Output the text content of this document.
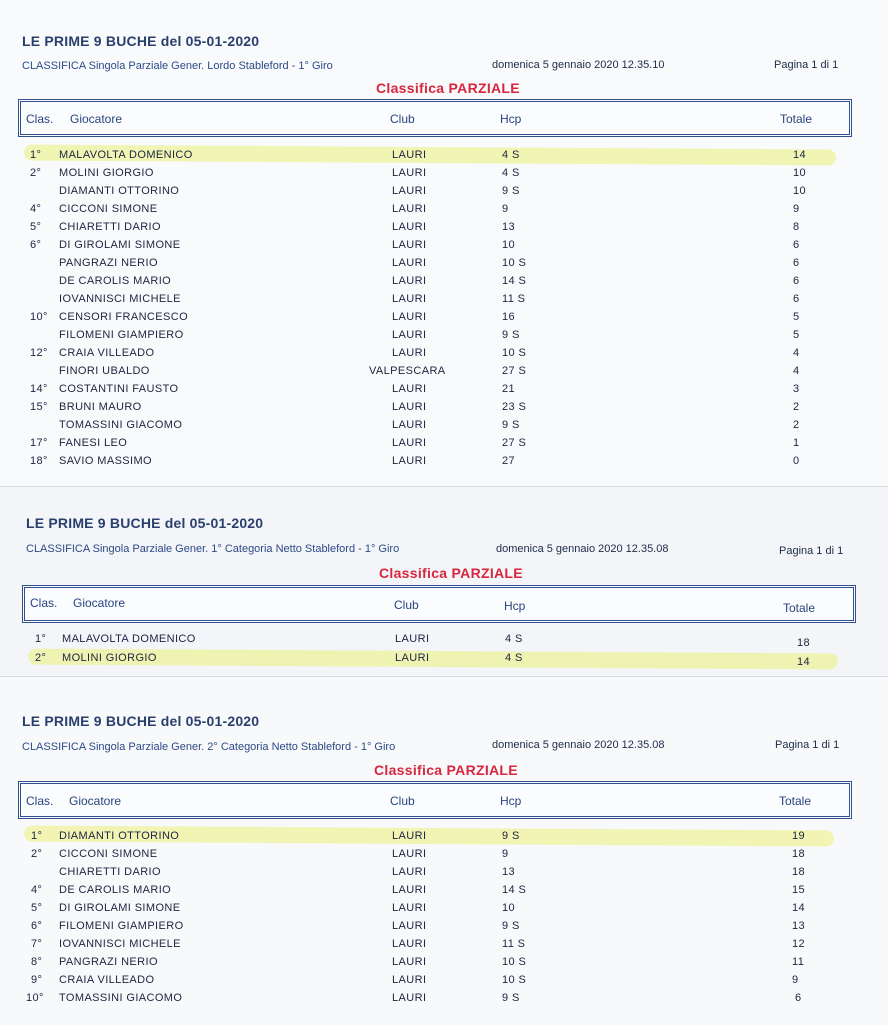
LE PRIME 9 BUCHE del 05-01-2020
CLASSIFICA Singola Parziale Gener. Lordo Stableford - 1° Giro	domenica 5 gennaio 2020 12.35.10	Pagina 1 di 1
Classifica PARZIALE
Clas. Giocatore	Club	Hcp	Totale
1° MALAVOLTA DOMENICO	LAURI	4 S	14
2° MOLINI GIORGIO	LAURI	4 S	10
DIAMANTI OTTORINO	LAURI	9 S	10
4° CICCONI SIMONE	LAURI	9	9
5° CHIARETTI DARIO	LAURI	13	8
6° DI GIROLAMI SIMONE	LAURI	10	6
PANGRAZI NERIO	LAURI	10 S	6
DE CAROLIS MARIO	LAURI	14 S	6
IOVANNISCI MICHELE	LAURI	11 S	6
10° CENSORI FRANCESCO	LAURI	16	5
FILOMENI GIAMPIERO	LAURI	9 S	5
12° CRAIA VILLEADO	LAURI	10 S	4
FINORI UBALDO	VALPESCARA	27 S	4
14° COSTANTINI FAUSTO	LAURI	21	3
15° BRUNI MAURO	LAURI	23 S	2
TOMASSINI GIACOMO	LAURI	9 S	2
17° FANESI LEO	LAURI	27 S	1
18° SAVIO MASSIMO	LAURI	27	0
LE PRIME 9 BUCHE del 05-01-2020
CLASSIFICA Singola Parziale Gener. 1° Categoria Netto Stableford - 1° Giro	domenica 5 gennaio 2020 12.35.08	Pagina 1 di 1
Classifica PARZIALE
Clas. Giocatore	Club	Hcp	Totale
1° MALAVOLTA DOMENICO	LAURI	4 S	18
2° MOLINI GIORGIO	LAURI	4 S	14
LE PRIME 9 BUCHE del 05-01-2020
CLASSIFICA Singola Parziale Gener. 2° Categoria Netto Stableford - 1° Giro	domenica 5 gennaio 2020 12.35.08	Pagina 1 di 1
Classifica PARZIALE
Clas. Giocatore	Club	Hcp	Totale
1° DIAMANTI OTTORINO	LAURI	9 S	19
2° CICCONI SIMONE	LAURI	9	18
CHIARETTI DARIO	LAURI	13	18
4° DE CAROLIS MARIO	LAURI	14 S	15
5° DI GIROLAMI SIMONE	LAURI	10	14
6° FILOMENI GIAMPIERO	LAURI	9 S	13
7° IOVANNISCI MICHELE	LAURI	11 S	12
8° PANGRAZI NERIO	LAURI	10 S	11
9° CRAIA VILLEADO	LAURI	10 S	9
10° TOMASSINI GIACOMO	LAURI	9 S	6
